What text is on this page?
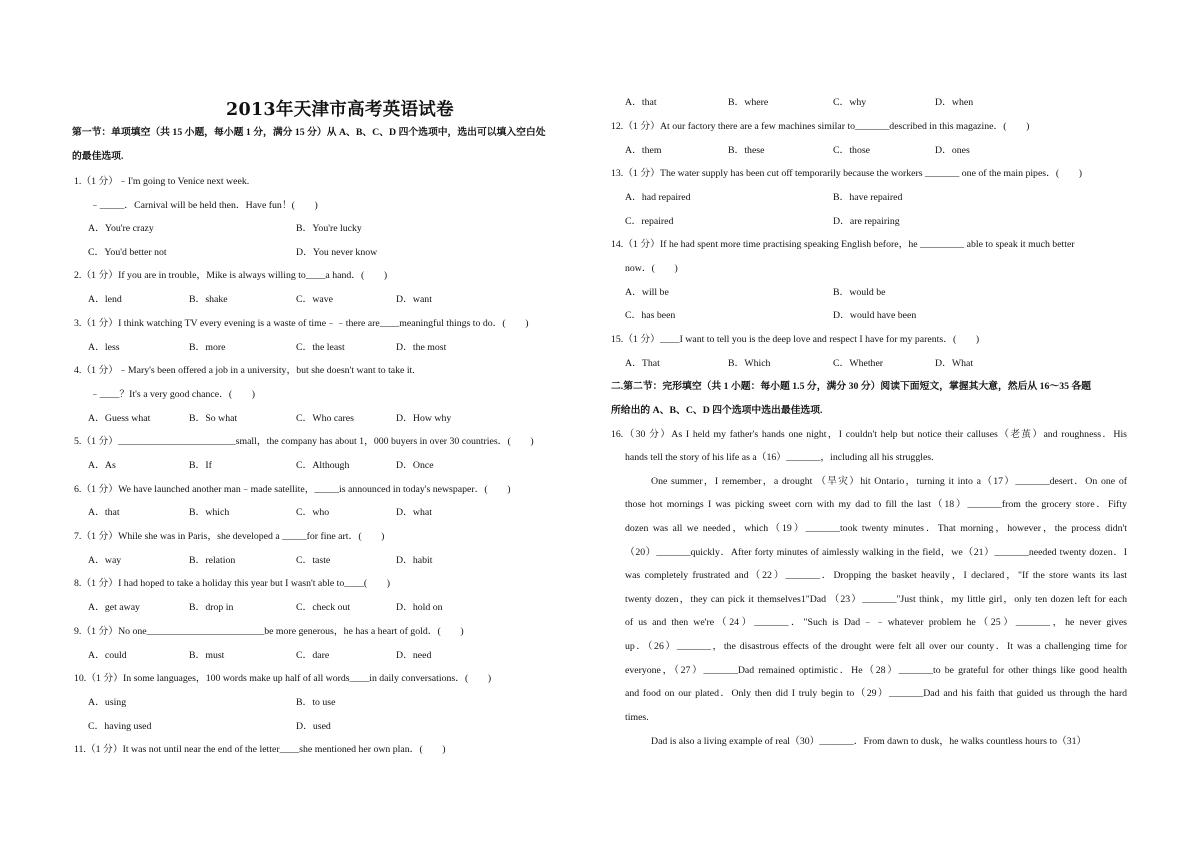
2013年天津市高考英语试卷
第一节：单项填空（共 15 小题，每小题 1 分，满分 15 分）从 A、B、C、D 四个选项中，选出可以填入空白处
的最佳选项.
1.（1 分）﹣I'm going to Venice next week.
﹣_____．Carnival will be held then．Have fun！(　　)
A．You're crazy	B．You're lucky
C．You'd better not	D．You never know
2.（1 分）If you are in trouble，Mike is always willing to____a hand．(　　)
A．lend	B．shake	C．wave	D．want
3.（1 分）I think watching TV every evening is a waste of time﹣﹣there are____meaningful things to do．(　　)
A．less	B．more	C．the least	D．the most
4.（1 分）﹣Mary's been offered a job in a university，but she doesn't want to take it.
﹣____？It's a very good chance．(　　)
A．Guess what	B．So what	C．Who cares	D．How why
5.（1 分）________________________small，the company has about 1，000 buyers in over 30 countries．(　　)
A．As	B．If	C．Although	D．Once
6.（1 分）We have launched another man﹣made satellite，_____is announced in today's newspaper．(　　)
A．that	B．which	C．who	D．what
7.（1 分）While she was in Paris，she developed a _____for fine art．(　　)
A．way	B．relation	C．taste	D．habit
8.（1 分）I had hoped to take a holiday this year but I wasn't able to____(　　)
A．get away	B．drop in	C．check out	D．hold on
9.（1 分）No one________________________be more generous，he has a heart of gold．(　　)
A．could	B．must	C．dare	D．need
10.（1 分）In some languages，100 words make up half of all words____in daily conversations．(　　)
A．using	B．to use
C．having used	D．used
11.（1 分）It was not until near the end of the letter____she mentioned her own plan．(　　)
A．that	B．where	C．why	D．when
12.（1 分）At our factory there are a few machines similar to_______described in this magazine．(　　)
A．them	B．these	C．those	D．ones
13.（1 分）The water supply has been cut off temporarily because the workers _______ one of the main pipes．(　　)
A．had repaired	B．have repaired
C．repaired	D．are repairing
14.（1 分）If he had spent more time practising speaking English before，he _________ able to speak it much better
now．(　　)
A．will be	B．would be
C．has been	D．would have been
15.（1 分）____I want to tell you is the deep love and respect I have for my parents．(　　)
A．That	B．Which	C．Whether	D．What
二.第二节：完形填空（共 1 小题：每小题 1.5 分，满分 30 分）阅读下面短文，掌握其大意，然后从 16～35 各题
所给出的 A、B、C、D 四个选项中选出最佳选项.
16.（30 分）As I held my father's hands one night，I couldn't help but notice their calluses（老茧）and roughness．His
hands tell the story of his life as a（16）_______，including all his struggles.
One summer，I remember，a drought （旱灾）hit Ontario，turning it into a（17）_______desert．On one of
those hot mornings I was picking sweet corn with my dad to fill the last（18）_______from the grocery store．Fifty
dozen was all we needed，which（19）_______took twenty minutes．That morning，however，the process didn't
（20）_______quickly．After forty minutes of aimlessly walking in the field，we（21）_______needed twenty dozen．I
was completely frustrated and（22）_______．Dropping the basket heavily，I declared，"If the store wants its last
twenty dozen，they can pick it themselves1"Dad （23）_______"Just think，my little girl，only ten dozen left for each
of us and then we're（24）_______．"Such is Dad﹣﹣whatever problem he（25）_______，he never gives
up．（26）_______，the disastrous effects of the drought were felt all over our county．It was a challenging time for
everyone，（27）_______Dad remained optimistic．He（28）_______to be grateful for other things like good health
and food on our plated．Only then did I truly begin to（29）_______Dad and his faith that guided us through the hard
times.
Dad is also a living example of real（30）_______．From dawn to dusk，he walks countless hours to（31）
